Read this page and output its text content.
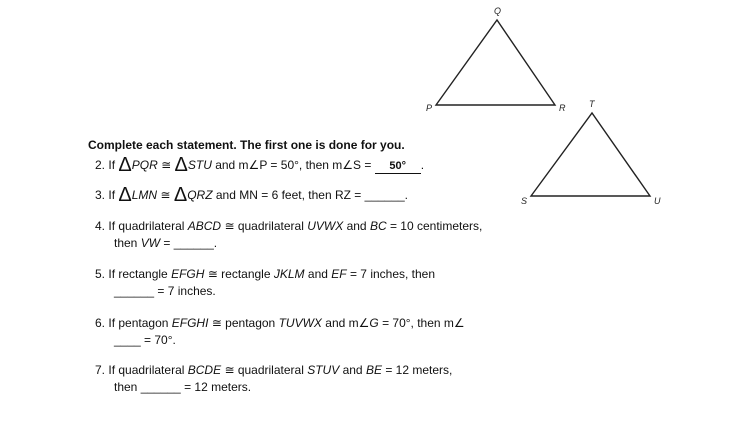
P
Q
R
S
T
U
Complete each statement. The first one is done for you.
2. If ΔPQR ≅ ΔSTU and m∠P = 50°, then m∠S = 50° .
3. If ΔLMN ≅ ΔQRZ and MN = 6 feet, then RZ = ______.
4. If quadrilateral ABCD ≅ quadrilateral UVWX and BC = 10 centimeters,
then VW = ______.
5. If rectangle EFGH ≅ rectangle JKLM and EF = 7 inches, then
______ = 7 inches.
6. If pentagon EFGHI ≅ pentagon TUVWX and m∠G = 70°, then m∠
____ = 70°.
7. If quadrilateral BCDE ≅ quadrilateral STUV and BE = 12 meters,
then ______ = 12 meters.
